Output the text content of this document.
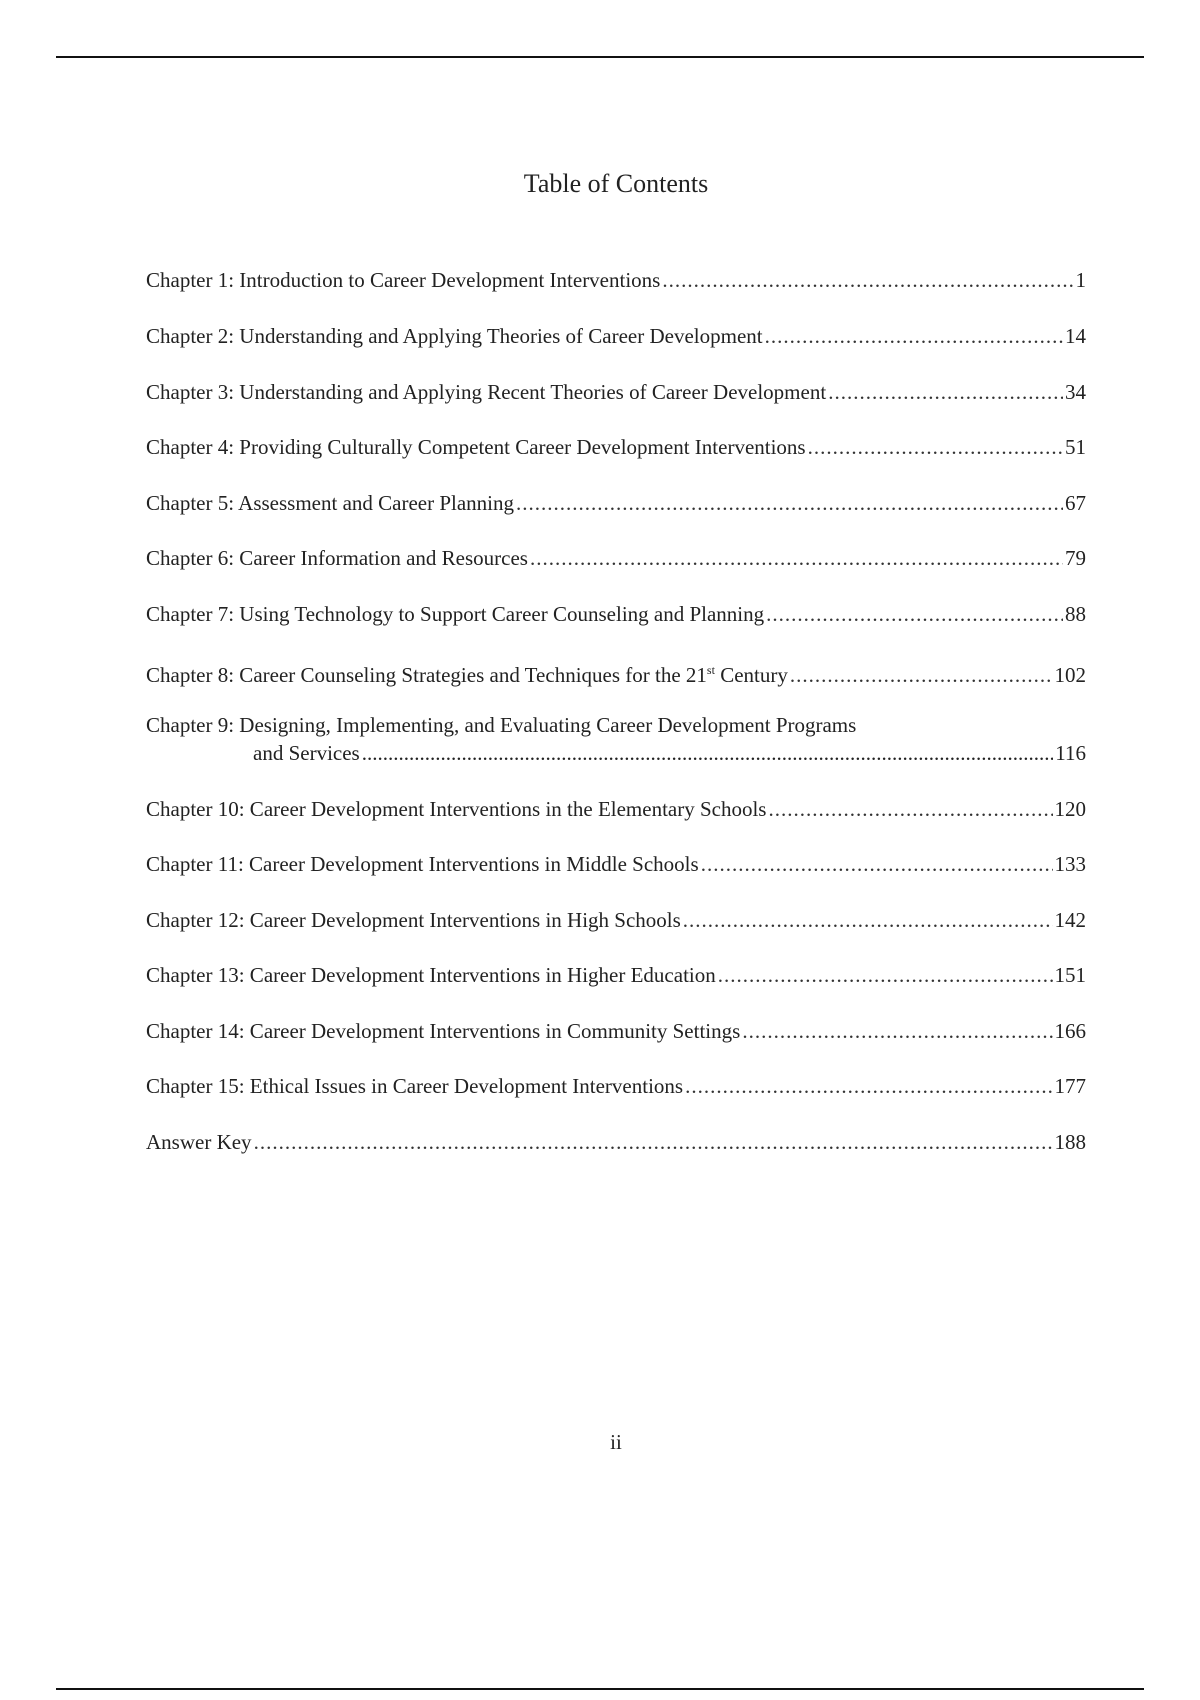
Table of Contents
Chapter 1: Introduction to Career Development Interventions .....	1
Chapter 2: Understanding and Applying Theories of Career Development .....	14
Chapter 3: Understanding and Applying Recent Theories of Career Development .....	34
Chapter 4: Providing Culturally Competent Career Development Interventions .....	51
Chapter 5: Assessment and Career Planning .....	67
Chapter 6: Career Information and Resources .....	79
Chapter 7: Using Technology to Support Career Counseling and Planning .....	88
Chapter 8: Career Counseling Strategies and Techniques for the 21st Century .....	102
Chapter 9: Designing, Implementing, and Evaluating Career Development Programs
and Services .....	116
Chapter 10: Career Development Interventions in the Elementary Schools .....	120
Chapter 11: Career Development Interventions in Middle Schools .....	133
Chapter 12: Career Development Interventions in High Schools .....	142
Chapter 13: Career Development Interventions in Higher Education .....	151
Chapter 14: Career Development Interventions in Community Settings .....	166
Chapter 15: Ethical Issues in Career Development Interventions .....	177
Answer Key .....	188
ii
